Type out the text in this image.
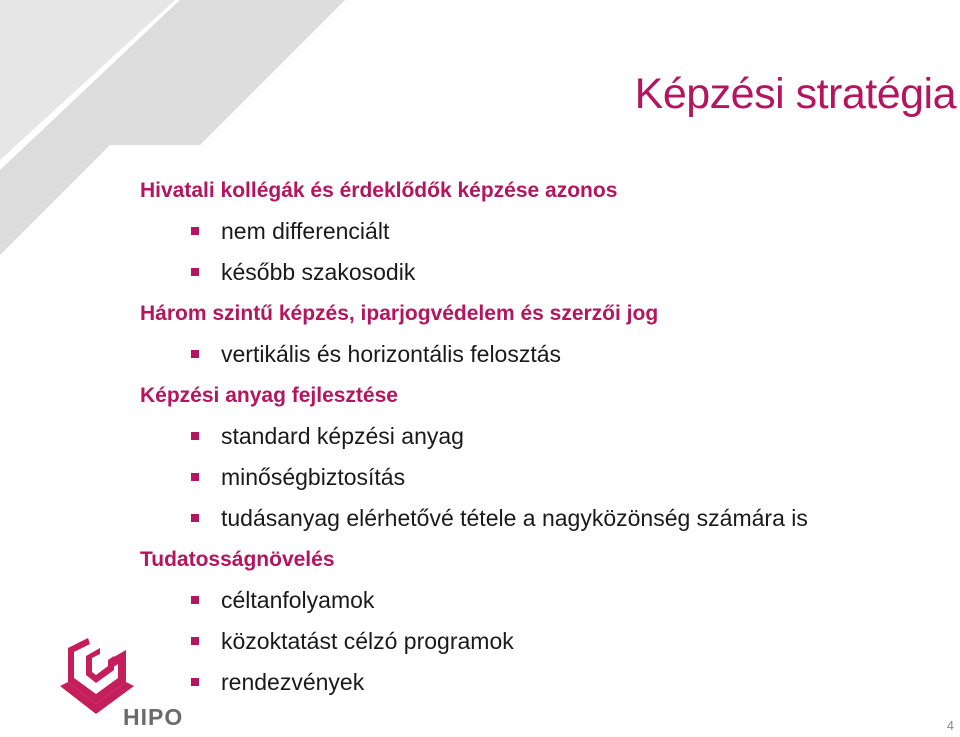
Képzési stratégia
Hivatali kollégák és érdeklődők képzése azonos
nem differenciált
később szakosodik
Három szintű képzés, iparjogvédelem és szerzői jog
vertikális és horizontális felosztás
Képzési anyag fejlesztése
standard képzési anyag
minőségbiztosítás
tudásanyag elérhetővé tétele a nagyközönség számára is
Tudatosságnövelés
céltanfolyamok
közoktatást célzó programok
rendezvények
HIPO	4
